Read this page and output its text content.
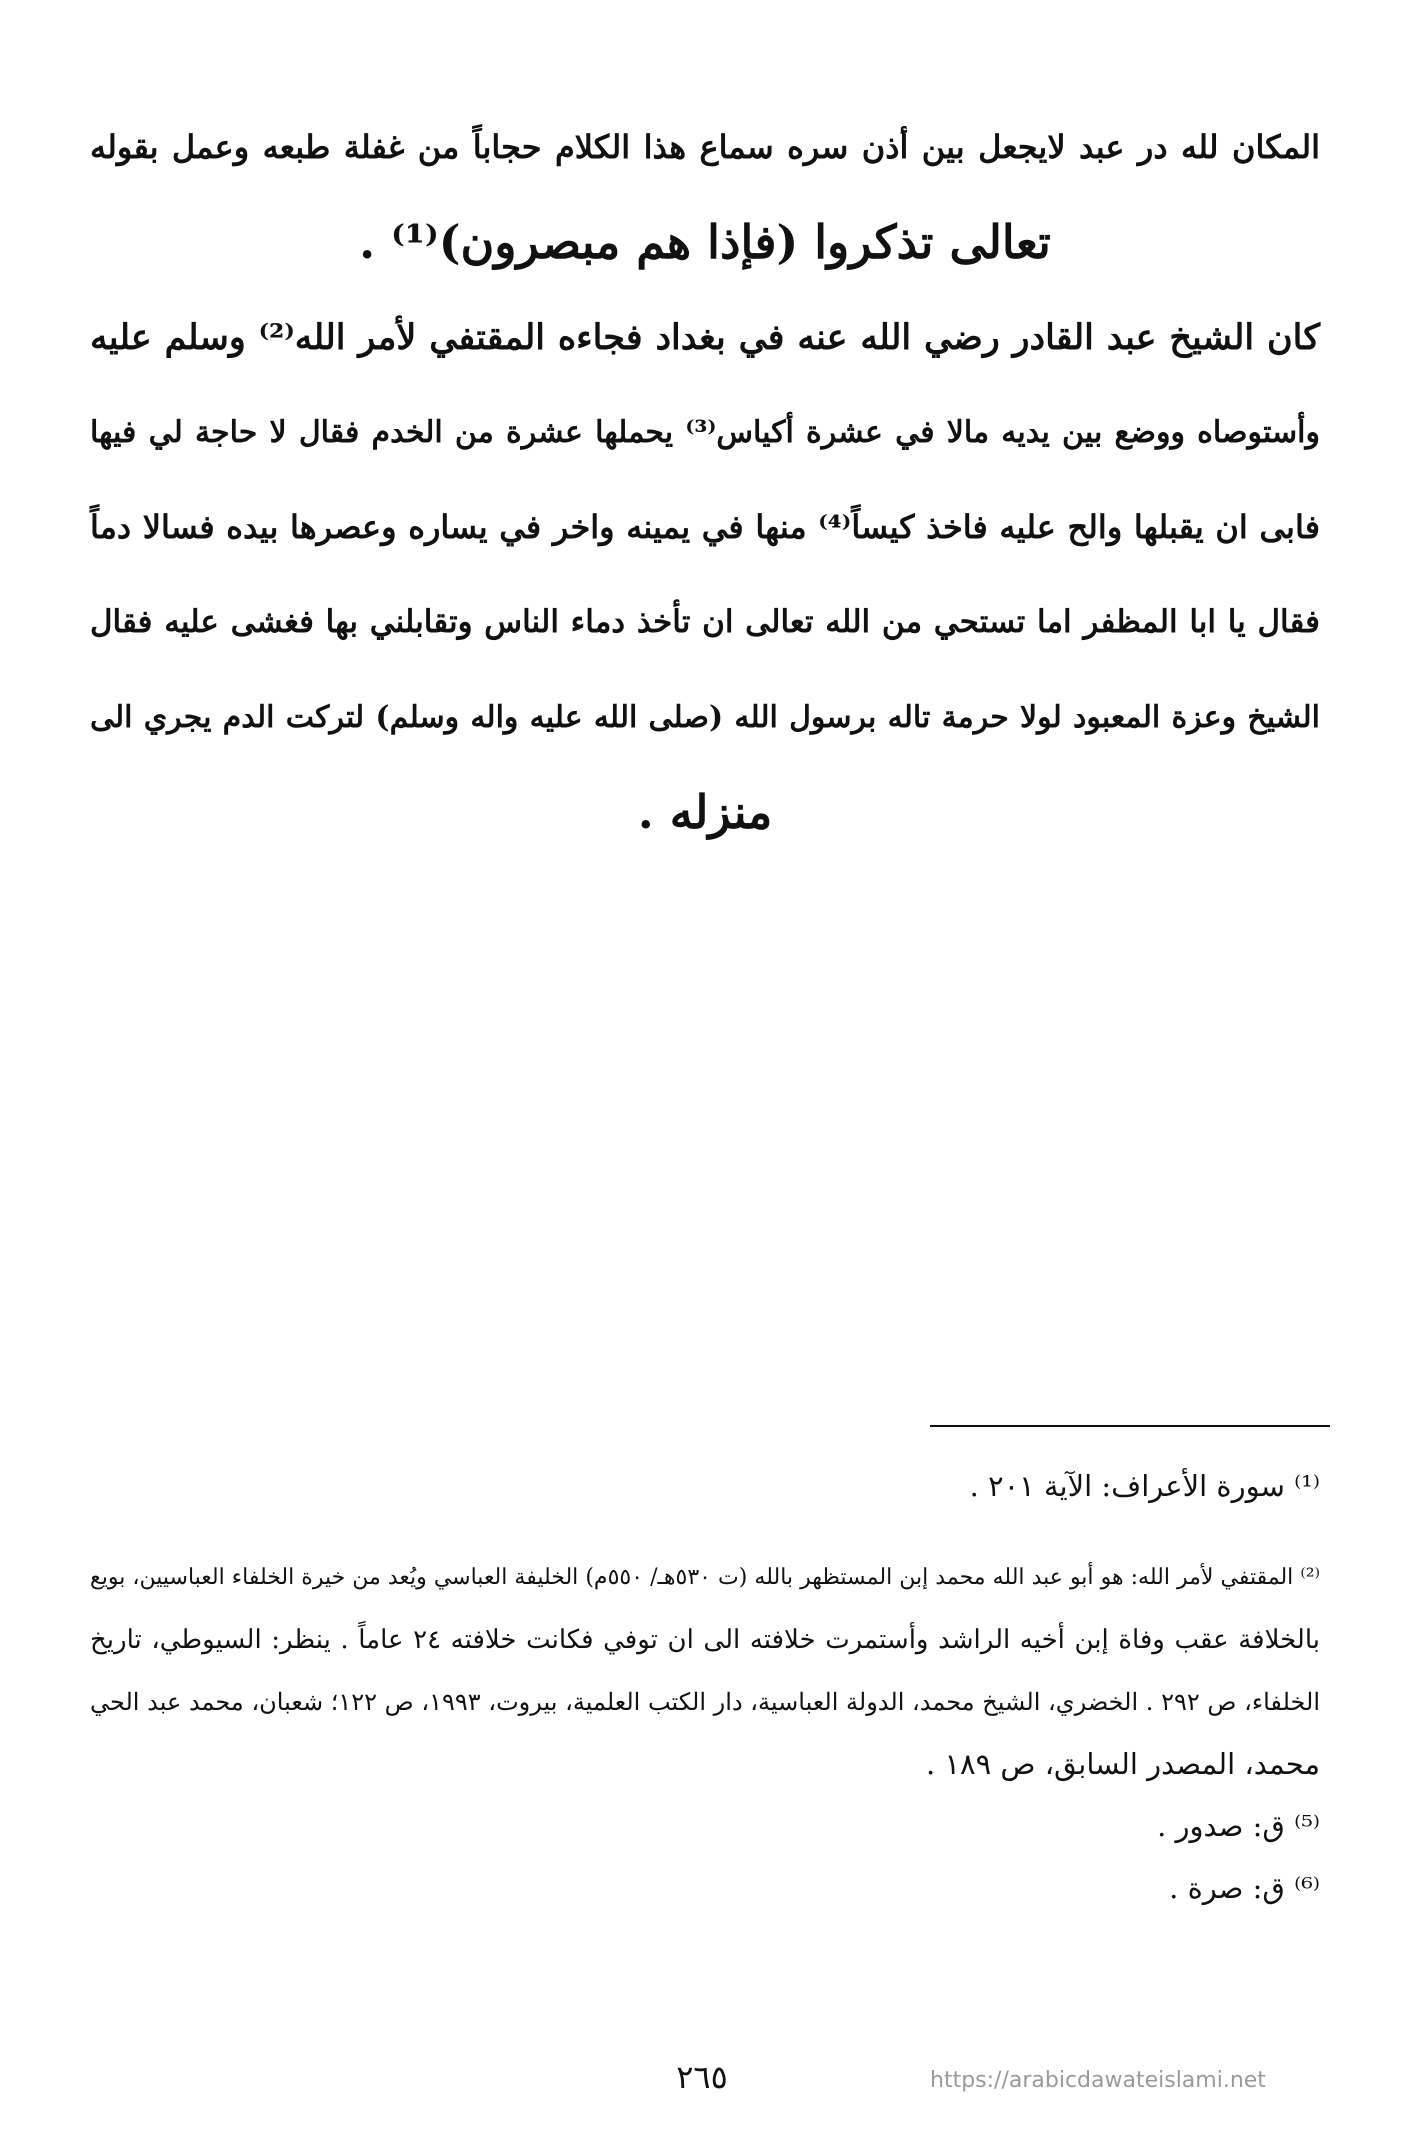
المكان لله در عبد لايجعل بين أذن سره سماع هذا الكلام حجاباً من غفلة طبعه وعمل بقوله
تعالى تذكروا (فإذا هم مبصرون)⁽¹⁾ .
كان الشيخ عبد القادر رضي الله عنه في بغداد فجاءه المقتفي لأمر الله⁽²⁾ وسلم عليه
وأستوصاه ووضع بين يديه مالا في عشرة أكياس⁽³⁾ يحملها عشرة من الخدم فقال لا حاجة لي فيها
فابى ان يقبلها والح عليه فاخذ كيساً⁽⁴⁾ منها في يمينه واخر في يساره وعصرها بيده فسالا دماً
فقال يا ابا المظفر اما تستحي من الله تعالى ان تأخذ دماء الناس وتقابلني بها فغشى عليه فقال
الشيخ وعزة المعبود لولا حرمة تاله برسول الله (صلى الله عليه واله وسلم) لتركت الدم يجري الى
منزله .
⁽¹⁾ سورة الأعراف: الآية ٢٠١ .
⁽²⁾ المقتفي لأمر الله: هو أبو عبد الله محمد إبن المستظهر بالله (ت ٥٣٠هـ/ ٥٥٠م) الخليفة العباسي ويُعد من خيرة الخلفاء العباسيين، بويع
بالخلافة عقب وفاة إبن أخيه الراشد وأستمرت خلافته الى ان توفي فكانت خلافته ٢٤ عاماً . ينظر: السيوطي، تاريخ
الخلفاء، ص ٢٩٢ . الخضري، الشيخ محمد، الدولة العباسية، دار الكتب العلمية، بيروت، ١٩٩٣، ص ١٢٢؛ شعبان، محمد عبد الحي
محمد، المصدر السابق، ص ١٨٩ .
⁽⁵⁾ ق: صدور .
⁽⁶⁾ ق: صرة .
٢٦٥	https://arabicdawateislami.net
